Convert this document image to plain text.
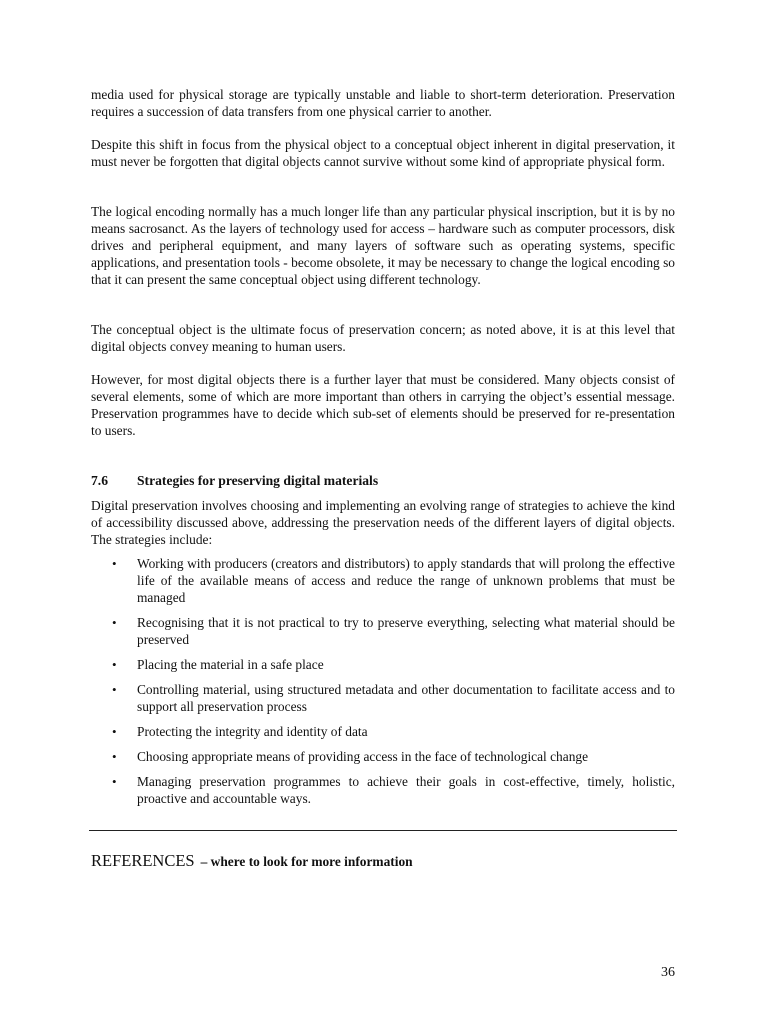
media used for physical storage are typically unstable and liable to short-term deterioration. Preservation requires a succession of data transfers from one physical carrier to another.

Despite this shift in focus from the physical object to a conceptual object inherent in digital preservation, it must never be forgotten that digital objects cannot survive without some kind of appropriate physical form.

The logical encoding normally has a much longer life than any particular physical inscription, but it is by no means sacrosanct. As the layers of technology used for access – hardware such as computer processors, disk drives and peripheral equipment, and many layers of software such as operating systems, specific applications, and presentation tools - become obsolete, it may be necessary to change the logical encoding so that it can present the same conceptual object using different technology.

The conceptual object is the ultimate focus of preservation concern; as noted above, it is at this level that digital objects convey meaning to human users.

However, for most digital objects there is a further layer that must be considered. Many objects consist of several elements, some of which are more important than others in carrying the object’s essential message. Preservation programmes have to decide which sub-set of elements should be preserved for re-presentation to users.

7.6 Strategies for preserving digital materials

Digital preservation involves choosing and implementing an evolving range of strategies to achieve the kind of accessibility discussed above, addressing the preservation needs of the different layers of digital objects. The strategies include:

• Working with producers (creators and distributors) to apply standards that will prolong the effective life of the available means of access and reduce the range of unknown problems that must be managed
• Recognising that it is not practical to try to preserve everything, selecting what material should be preserved
• Placing the material in a safe place
• Controlling material, using structured metadata and other documentation to facilitate access and to support all preservation process
• Protecting the integrity and identity of data
• Choosing appropriate means of providing access in the face of technological change
• Managing preservation programmes to achieve their goals in cost-effective, timely, holistic, proactive and accountable ways.
REFERENCES – where to look for more information
36
